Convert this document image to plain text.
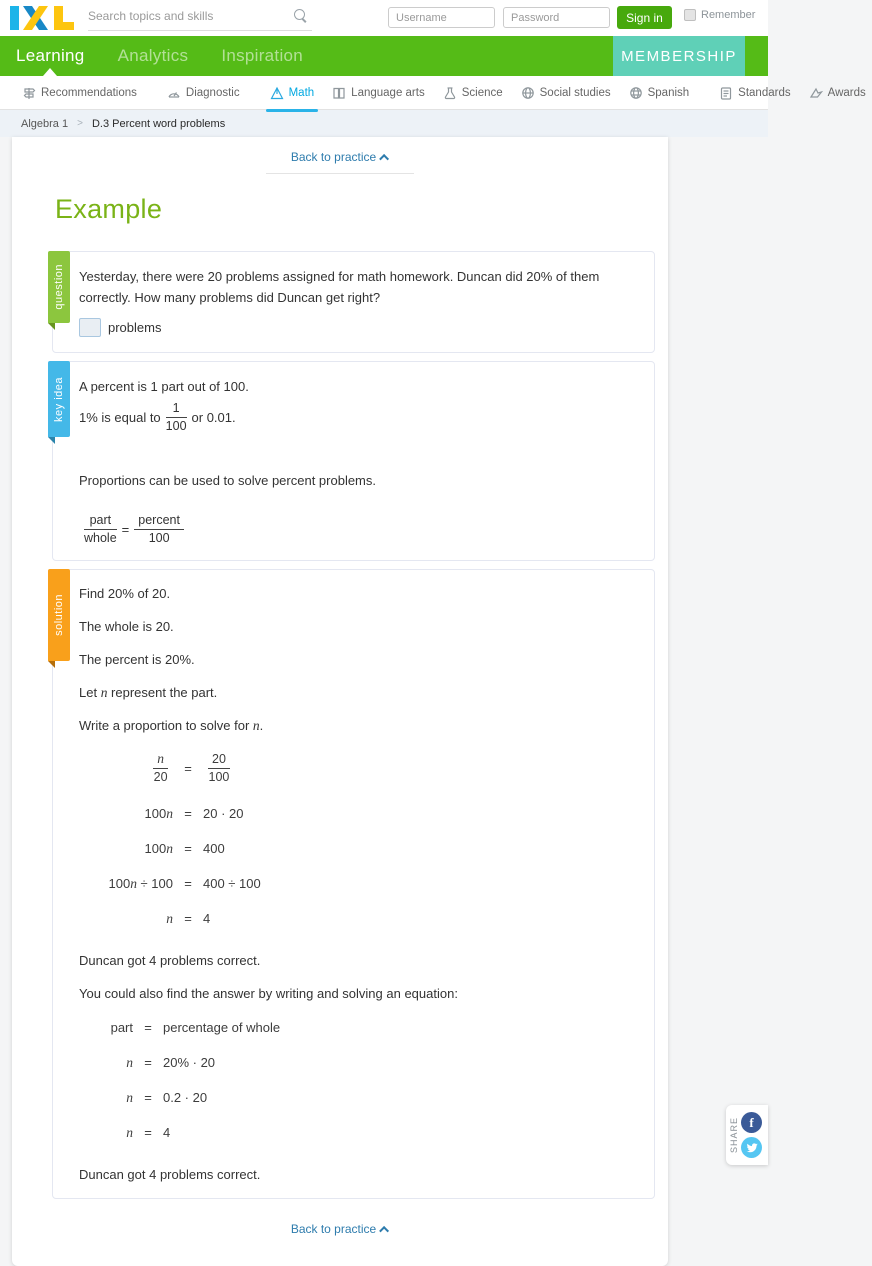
Search topics and skills
Username
Sign in	Remember
Learning Analytics Inspiration	MEMBERSHIP
Recommendations	Diagnostic	Math	Language arts	Science	Social studies	Spanish	Standards	Awards
Algebra 1 > D.3 Percent word problems
Back to practice
Example
question	Yesterday, there were 20 problems assigned for math homework. Duncan did 20% of them correctly. How many problems did Duncan get right?

problems
key idea	A percent is 1 part out of 100.

1% is equal to $\frac{1}{100}$ or 0.01.

Proportions can be used to solve percent problems.

$\frac{\text{part}}{\text{whole}} = \frac{\text{percent}}{100}$
solution

Find 20% of 20.

The whole is 20.

The percent is 20%.

Let n represent the part.

Write a proportion to solve for n.

$\frac{n}{20}$	=	$\frac{20}{100}$
100n = 20 · 20
100n = 400
100n ÷ 100 = 400 ÷ 100
n = 4

Duncan got 4 problems correct.

You could also find the answer by writing and solving an equation:

part = percentage of whole
n = 20% · 20
n = 0.2 · 20
n = 4

Duncan got 4 problems correct.

Back to practice
SHARE f
